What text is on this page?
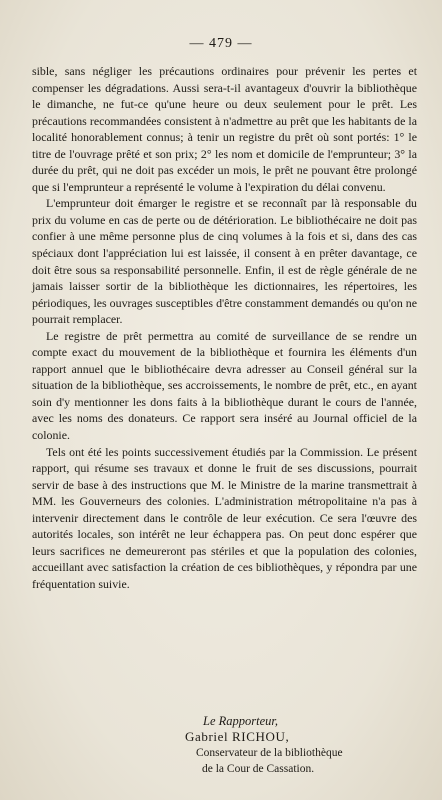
— 479 —

sible, sans négliger les précautions ordinaires pour prévenir les pertes et compenser les dégradations. Aussi sera-t-il avantageux d'ouvrir la bibliothèque le dimanche, ne fut-ce qu'une heure ou deux seulement pour le prêt. Les précautions recommandées consistent à n'admettre au prêt que les habitants de la localité honorablement connus; à tenir un registre du prêt où sont portés: 1° le titre de l'ouvrage prêté et son prix; 2° les nom et domicile de l'emprunteur; 3° la durée du prêt, qui ne doit pas excéder un mois, le prêt ne pouvant être prolongé que si l'emprunteur a représenté le volume à l'expiration du délai convenu.

L'emprunteur doit émarger le registre et se reconnaît par là responsable du prix du volume en cas de perte ou de détérioration. Le bibliothécaire ne doit pas confier à une même personne plus de cinq volumes à la fois et si, dans des cas spéciaux dont l'appréciation lui est laissée, il consent à en prêter davantage, ce doit être sous sa responsabilité personnelle. Enfin, il est de règle générale de ne jamais laisser sortir de la bibliothèque les dictionnaires, les répertoires, les périodiques, les ouvrages susceptibles d'être constamment demandés ou qu'on ne pourrait remplacer.

Le registre de prêt permettra au comité de surveillance de se rendre un compte exact du mouvement de la bibliothèque et fournira les éléments d'un rapport annuel que le bibliothécaire devra adresser au Conseil général sur la situation de la bibliothèque, ses accroissements, le nombre de prêt, etc., en ayant soin d'y mentionner les dons faits à la bibliothèque durant le cours de l'année, avec les noms des donateurs. Ce rapport sera inséré au Journal officiel de la colonie.

Tels ont été les points successivement étudiés par la Commission. Le présent rapport, qui résume ses travaux et donne le fruit de ses discussions, pourrait servir de base à des instructions que M. le Ministre de la marine transmettrait à MM. les Gouverneurs des colonies. L'administration métropolitaine n'a pas à intervenir directement dans le contrôle de leur exécution. Ce sera l'œuvre des autorités locales, son intérêt ne leur échappera pas. On peut donc espérer que leurs sacrifices ne demeureront pas stériles et que la population des colonies, accueillant avec satisfaction la création de ces bibliothèques, y répondra par une fréquentation suivie.

Le Rapporteur,
Gabriel RICHOU,
Conservateur de la bibliothèque
de la Cour de Cassation.
